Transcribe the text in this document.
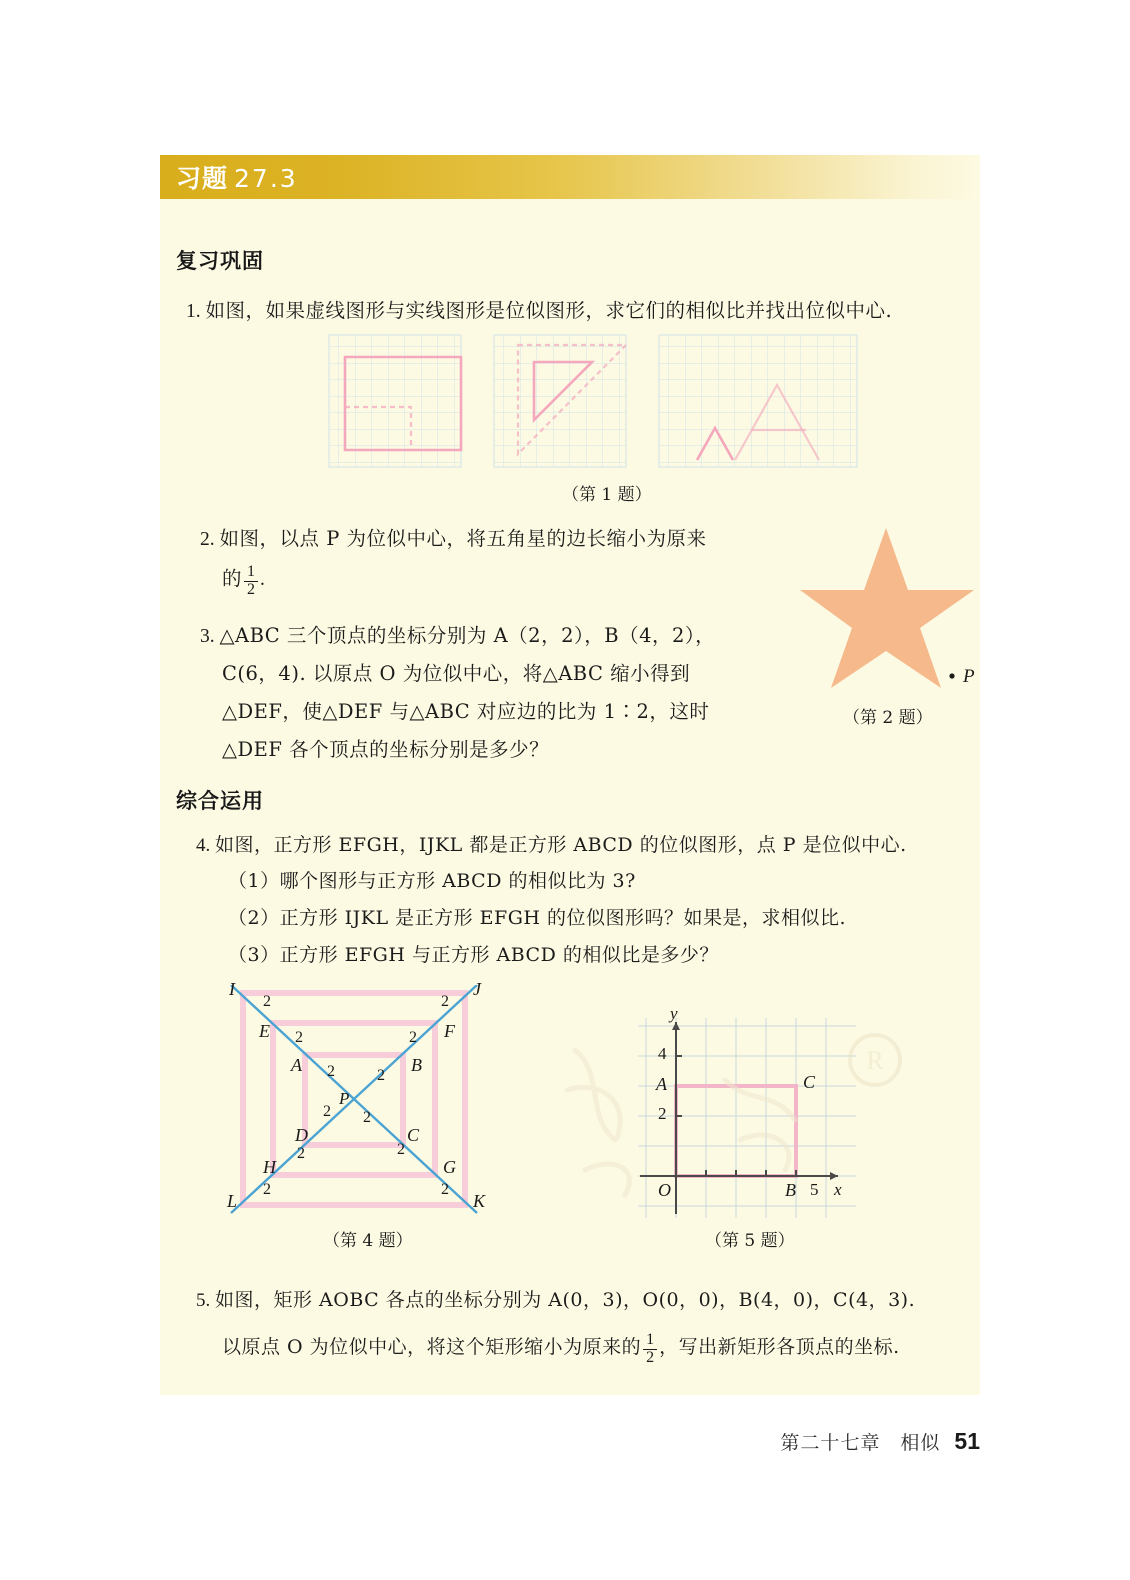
习题 27.3
复习巩固
1. 如图，如果虚线图形与实线图形是位似图形，求它们的相似比并找出位似中心.
（第 1 题）
2. 如图，以点 P 为位似中心，将五角星的边长缩小为原来
的 $\frac{1}{2}$ .
P
（第 2 题）
3. △ABC 三个顶点的坐标分别为 A（2，2），B（4，2），
C(6，4). 以原点 O 为位似中心，将△ABC 缩小得到
△DEF，使△DEF 与△ABC 对应边的比为 1∶2，这时
△DEF 各个顶点的坐标分别是多少？
综合运用
4. 如图，正方形 EFGH，IJKL 都是正方形 ABCD 的位似图形，点 P 是位似中心.
（1）哪个图形与正方形 ABCD 的相似比为 3?
（2）正方形 IJKL 是正方形 EFGH 的位似图形吗？如果是，求相似比.
（3）正方形 EFGH 与正方形 ABCD 的相似比是多少？
I	J
E	F
A	B
P
D	C
H	G
L	K
2	2
2	2
2	2
2 2
2	2
2	2
（第 4 题）
y
x
4
2
5
A
O	B
C
（第 5 题）
5. 如图，矩形 AOBC 各点的坐标分别为 A(0，3)，O(0，0)，B(4，0)，C(4，3).
以原点 O 为位似中心，将这个矩形缩小为原来的 $\frac{1}{2}$ ，写出新矩形各顶点的坐标.
R
第二十七章　相似 51
